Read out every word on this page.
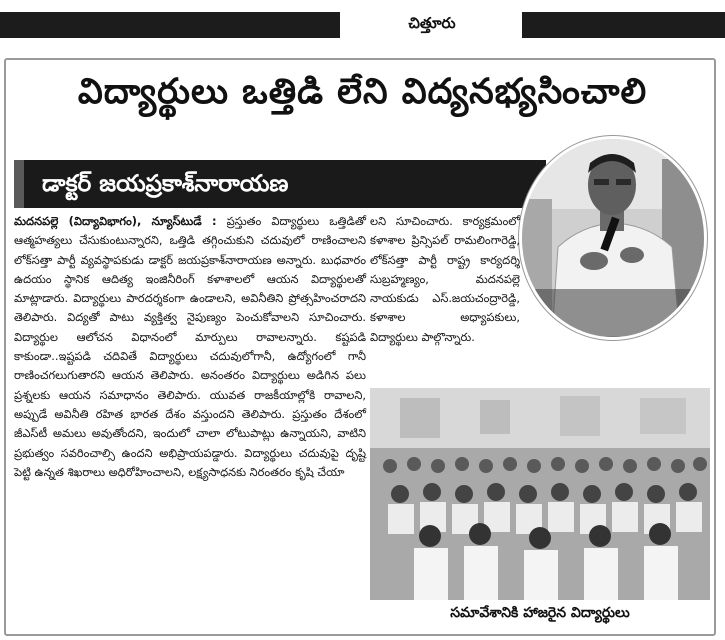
చిత్తూరు
విద్యార్థులు ఒత్తిడి లేని విద్యనభ్యసించాలి
డాక్టర్ జయప్రకాశ్‌నారాయణ
మదనపల్లె (విద్యావిభాగం), న్యూస్‌టుడే : ప్రస్తుతం విద్యార్థులు ఒత్తిడితో ఆత్మహత్యలు చేసుకుంటున్నారని, ఒత్తిడి తగ్గించుకుని చదువులో రాణించాలని లోక్‌సత్తా పార్టీ వ్యవస్థాపకుడు డాక్టర్ జయప్రకాశ్‌నారాయణ అన్నారు. బుధవారం ఉదయం స్థానిక ఆదిత్య ఇంజినీరింగ్ కళాశాలలో ఆయన విద్యార్థులతో మాట్లాడారు. విద్యార్థులు పారదర్శకంగా ఉండాలని, అవినీతిని ప్రోత్సహించరాదని తెలిపారు. విద్యతో పాటు వ్యక్తిత్వ నైపుణ్యం పెంచుకోవాలని సూచించారు. విద్యార్థుల ఆలోచన విధానంలో మార్పులు రావాలన్నారు. కష్టపడి కాకుండా..ఇష్టపడి చదివితే విద్యార్థులు చదువులోగానీ, ఉద్యోగంలో గానీ రాణించగలుగుతారని ఆయన తెలిపారు. అనంతరం విద్యార్థులు అడిగిన పలు ప్రశ్నలకు ఆయన సమాధానం తెలిపారు. యువత రాజకీయాల్లోకి రావాలని, అప్పుడే అవినీతి రహిత భారత దేశం వస్తుందని తెలిపారు. ప్రస్తుతం దేశంలో జీఎస్‌టీ అమలు అవుతోందని, ఇందులో చాలా లోటుపాట్లు ఉన్నాయని, వాటిని ప్రభుత్వం సవరించాల్సి ఉందని అభిప్రాయపడ్డారు. విద్యార్థులు చదువుపై దృష్టి పెట్టి ఉన్నత శిఖరాలు అధిరోహించాలని, లక్ష్యసాధనకు నిరంతరం కృషి చేయా
లని సూచించారు. కార్యక్రమంలో కళాశాల ప్రిన్సిపల్ రామలింగారెడ్డి, లోక్‌సత్తా పార్టీ రాష్ట్ర కార్యదర్శి సుబ్రహ్మణ్యం, మదనపల్లె నాయకుడు ఎస్.జయచంద్రారెడ్డి, కళాశాల అధ్యాపకులు, విద్యార్థులు పాల్గొన్నారు.
సమావేశానికి హాజరైన విద్యార్థులు
